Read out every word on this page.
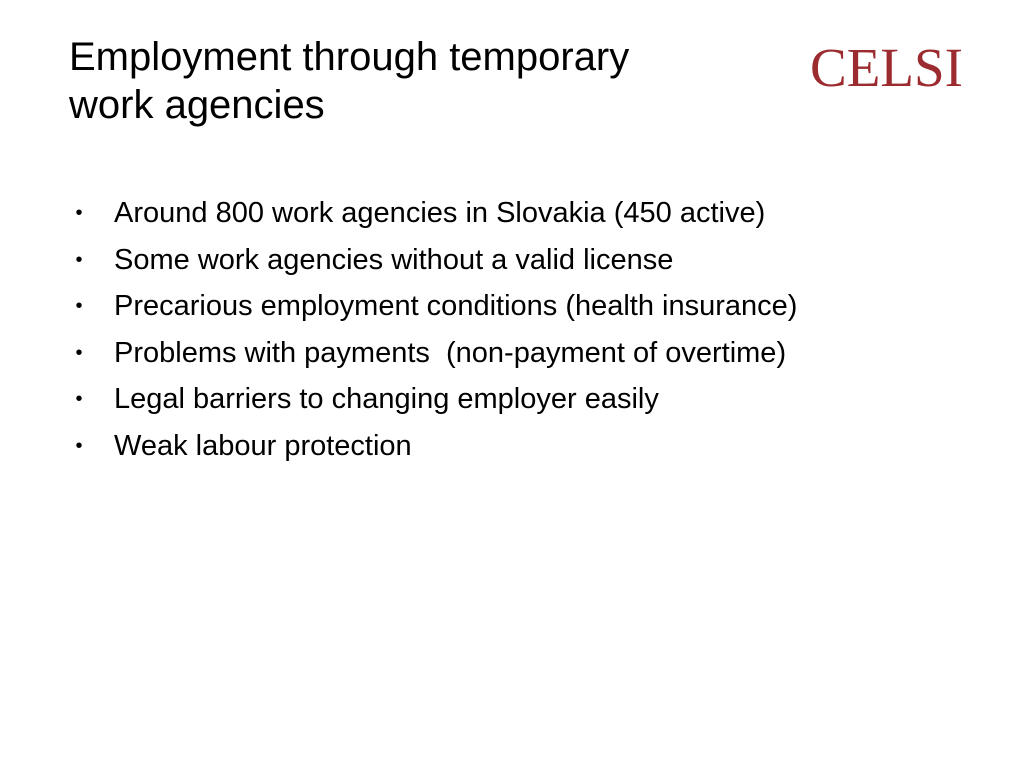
Employment through temporary
work agencies
CELSI

•

Around 800 work agencies in Slovakia (450 active)

•

Some work agencies without a valid license

•

Precarious employment conditions (health insurance)

•

Problems with payments  (non-payment of overtime)

•

Legal barriers to changing employer easily

•

Weak labour protection
